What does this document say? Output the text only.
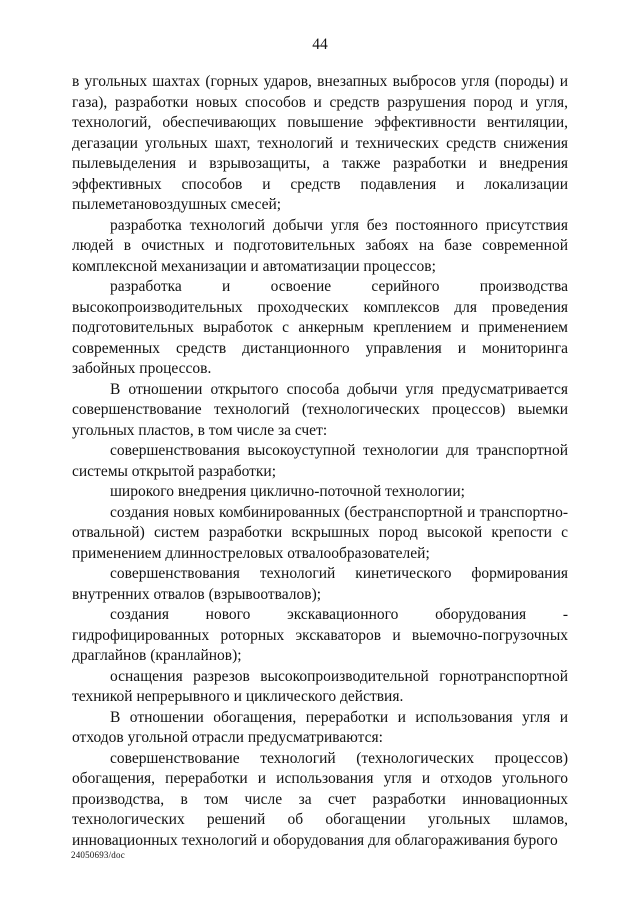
44

в угольных шахтах (горных ударов, внезапных выбросов угля (породы) и газа), разработки новых способов и средств разрушения пород и угля, технологий, обеспечивающих повышение эффективности вентиляции, дегазации угольных шахт, технологий и технических средств снижения пылевыделения и взрывозащиты, а также разработки и внедрения эффективных способов и средств подавления и локализации пылеметановоздушных смесей;

разработка технологий добычи угля без постоянного присутствия людей в очистных и подготовительных забоях на базе современной комплексной механизации и автоматизации процессов;

разработка и освоение серийного производства высокопроизводительных проходческих комплексов для проведения подготовительных выработок с анкерным креплением и применением современных средств дистанционного управления и мониторинга забойных процессов.

В отношении открытого способа добычи угля предусматривается совершенствование технологий (технологических процессов) выемки угольных пластов, в том числе за счет:

совершенствования высокоуступной технологии для транспортной системы открытой разработки;

широкого внедрения циклично-поточной технологии;

создания новых комбинированных (бестранспортной и транспортно-отвальной) систем разработки вскрышных пород высокой крепости с применением длинностреловых отвалообразователей;

совершенствования технологий кинетического формирования внутренних отвалов (взрывоотвалов);

создания нового экскавационного оборудования - гидрофицированных роторных экскаваторов и выемочно-погрузочных драглайнов (кранлайнов);

оснащения разрезов высокопроизводительной горнотранспортной техникой непрерывного и циклического действия.

В отношении обогащения, переработки и использования угля и отходов угольной отрасли предусматриваются:

совершенствование технологий (технологических процессов) обогащения, переработки и использования угля и отходов угольного производства, в том числе за счет разработки инновационных технологических решений об обогащении угольных шламов, инновационных технологий и оборудования для облагораживания бурого

24050693/doc
